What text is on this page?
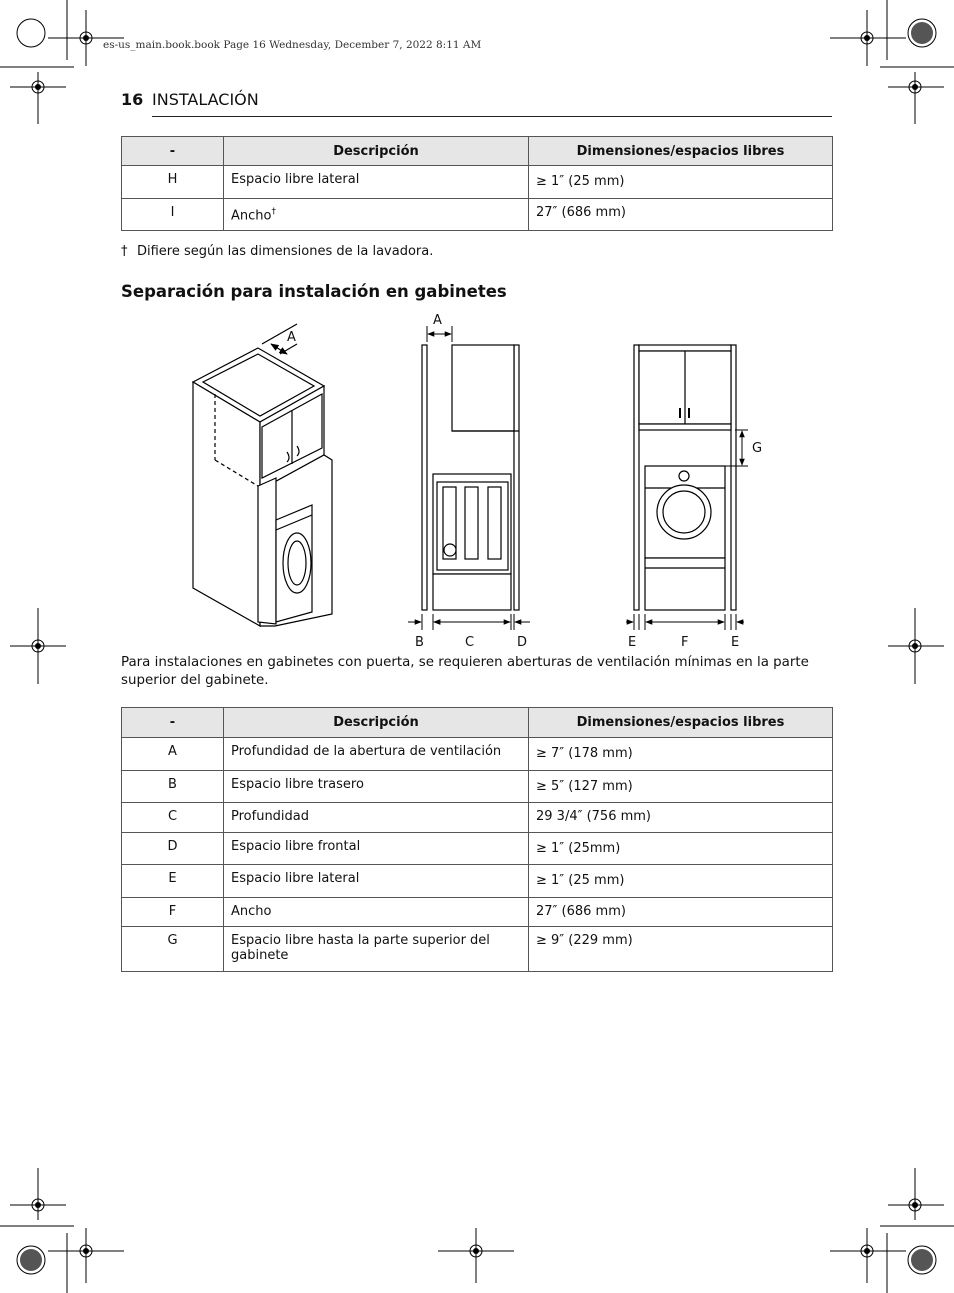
es-us_main.book.book Page 16 Wednesday, December 7, 2022 8:11 AM
16 INSTALACIÓN
-	Descripción	Dimensiones/espacios libres
H	Espacio libre lateral	≥ 1″ (25 mm)
I	Ancho†	27″ (686 mm)
† Difiere según las dimensiones de la lavadora.
Separación para instalación en gabinetes
A
A
B	C	D
G
E	F	E
Para instalaciones en gabinetes con puerta, se requieren aberturas de ventilación mínimas en la parte superior del gabinete.
-	Descripción	Dimensiones/espacios libres
A	Profundidad de la abertura de ventilación	≥ 7″ (178 mm)
B	Espacio libre trasero	≥ 5″ (127 mm)
C	Profundidad	29 3/4″ (756 mm)
D	Espacio libre frontal	≥ 1″ (25mm)
E	Espacio libre lateral	≥ 1″ (25 mm)
F	Ancho	27″ (686 mm)
G	Espacio libre hasta la parte superior del gabinete	≥ 9″ (229 mm)
